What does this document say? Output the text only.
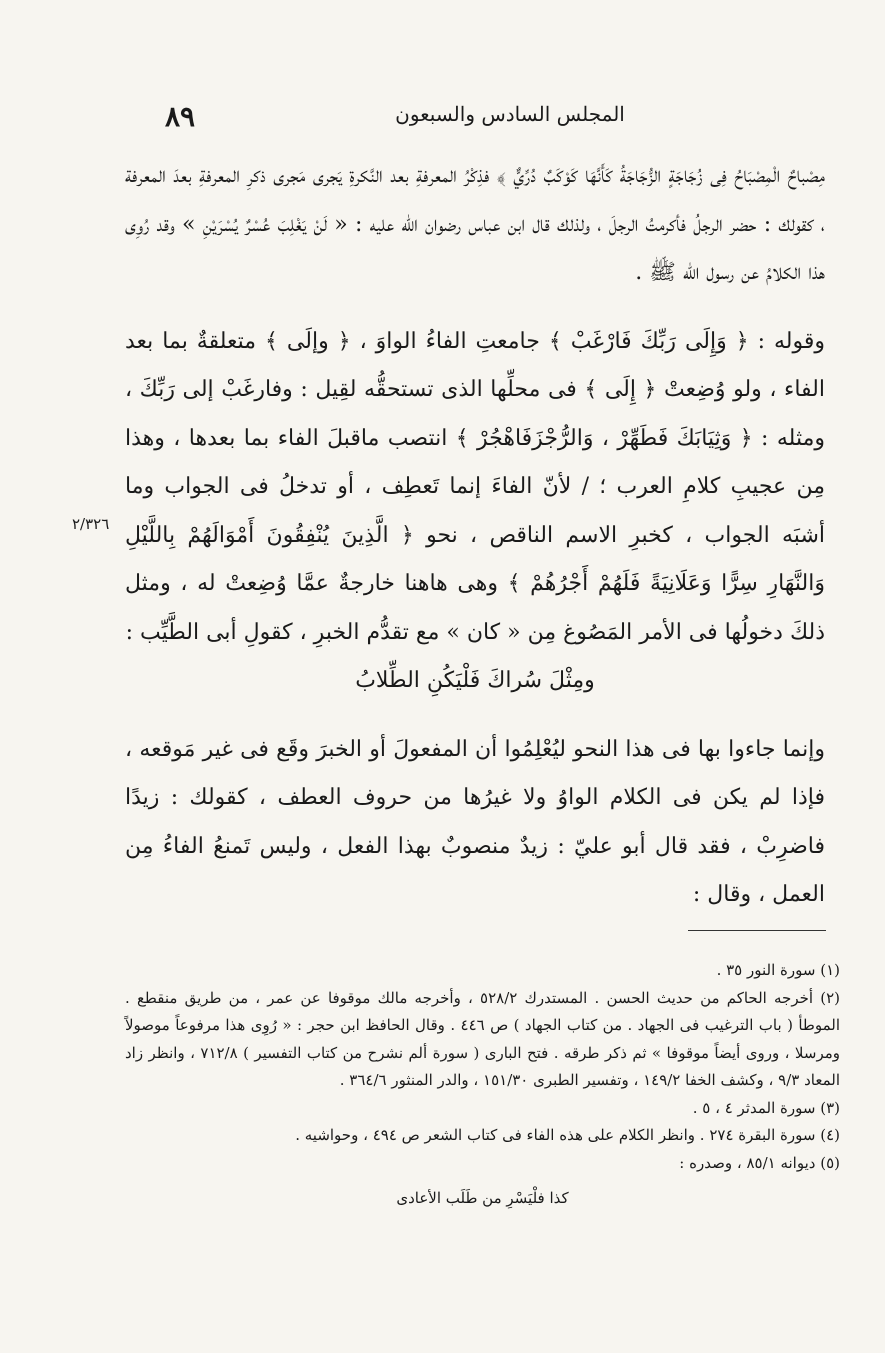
٨٩	المجلس السادس والسبعون

مِصْباحٌ الْمِصْبَاحُ فِى زُجَاجَةٍ الزُّجَاجَةُ كَأَنَّهَا كَوْكَبٌ دُرِّيٌّ ﴾ فذِكْرُ المعرفةِ بعد النَّكرةِ يَجرى مَجرى ذكرِ المعرفةِ بعدَ المعرفة ، كقولك : حضر الرجلُ فأكرمتُ الرجلَ ، ولذلك قال ابن عباس رضوان الله عليه : « لَنْ يَغْلِبَ عُسْرٌ يُسْرَيْنِ » وقد رُوِى هذا الكلامُ عن رسول الله ﷺ .

وقوله : ﴿ وَإِلَى رَبِّكَ فَارْغَبْ ﴾ جامعتِ الفاءُ الواوَ ، ﴿ وإلَى ﴾ متعلقةٌ بما بعد الفاء ، ولو وُضِعتْ ﴿ إِلَى ﴾ فى محلِّها الذى تستحقُّه لقِيل : وفارغَبْ إلى رَبِّكَ ، ومثله : ﴿ وَثِيَابَكَ فَطَهِّرْ ، وَالرُّجْزَفَاهْجُرْ ﴾ انتصب ماقبلَ الفاء بما بعدها ، وهذا مِن عجيبِ كلامِ العرب ؛ / لأنّ الفاءَ إنما تَعطِف ، أو تدخلُ فى الجواب وما أشبَه الجواب ، كخبرِ الاسم الناقص ، نحو ﴿ الَّذِينَ يُنْفِقُونَ أَمْوَالَهُمْ بِاللَّيْلِ وَالنَّهَارِ سِرًّا وَعَلَانِيَةً فَلَهُمْ أَجْرُهُمْ ﴾ وهى هاهنا خارجةٌ عمَّا وُضِعتْ له ، ومثل ذلكَ دخولُها فى الأمر المَصُوغ مِن « كان » مع تقدُّم الخبرِ ، كقولِ أبى الطَّيِّب :

ومِثْلَ سُراكَ فَلْيَكُنِ الطِّلابُ

وإنما جاءوا بها فى هذا النحو ليُعْلِمُوا أن المفعولَ أو الخبرَ وقَع فى غير مَوقعه ، فإذا لم يكن فى الكلام الواوُ ولا غيرُها من حروف العطف ، كقولك : زيدًا فاضرِبْ ، فقد قال أبو عليّ : زيدٌ منصوبٌ بهذا الفعل ، وليس تَمنعُ الفاءُ مِن العمل ، وقال :

٢/٣٢٦

(١) سورة النور ٣٥ .

(٢) أخرجه الحاكم من حديث الحسن . المستدرك ٥٢٨/٢ ، وأخرجه مالك موقوفا عن عمر ، من طريق منقطع . الموطأ ( باب الترغيب فى الجهاد . من كتاب الجهاد ) ص ٤٤٦ . وقال الحافظ ابن حجر : « رُوِى هذا مرفوعاً موصولاً ومرسلا ، وروى أيضاً موقوفا » ثم ذكر طرقه . فتح البارى ( سورة ألم نشرح من كتاب التفسير ) ٧١٢/٨ ، وانظر زاد المعاد ٩/٣ ، وكشف الخفا ١٤٩/٢ ، وتفسير الطبرى ١٥١/٣٠ ، والدر المنثور ٣٦٤/٦ .

(٣) سورة المدثر ٤ ، ٥ .

(٤) سورة البقرة ٢٧٤ . وانظر الكلام على هذه الفاء فى كتاب الشعر ص ٤٩٤ ، وحواشيه .

(٥) ديوانه ٨٥/١ ، وصدره :

كذا فلْيَسْرِ من طَلَب الأعادى
